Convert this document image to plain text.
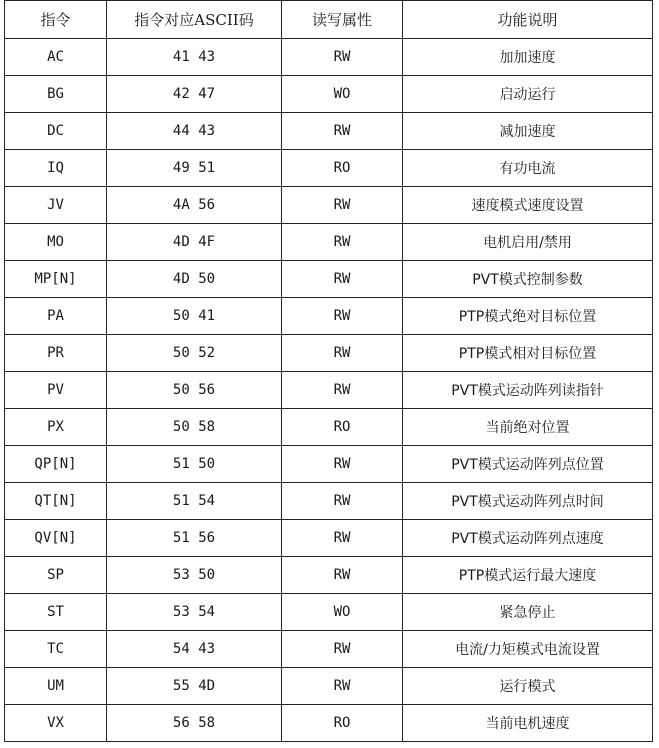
指令	指令对应ASCII码	读写属性	功能说明
AC	41 43	RW	加加速度
BG	42 47	WO	启动运行
DC	44 43	RW	减加速度
IQ	49 51	RO	有功电流
JV	4A 56	RW	速度模式速度设置
MO	4D 4F	RW	电机启用/禁用
MP[N]	4D 50	RW	PVT模式控制参数
PA	50 41	RW	PTP模式绝对目标位置
PR	50 52	RW	PTP模式相对目标位置
PV	50 56	RW	PVT模式运动阵列读指针
PX	50 58	RO	当前绝对位置
QP[N]	51 50	RW	PVT模式运动阵列点位置
QT[N]	51 54	RW	PVT模式运动阵列点时间
QV[N]	51 56	RW	PVT模式运动阵列点速度
SP	53 50	RW	PTP模式运行最大速度
ST	53 54	WO	紧急停止
TC	54 43	RW	电流/力矩模式电流设置
UM	55 4D	RW	运行模式
VX	56 58	RO	当前电机速度
